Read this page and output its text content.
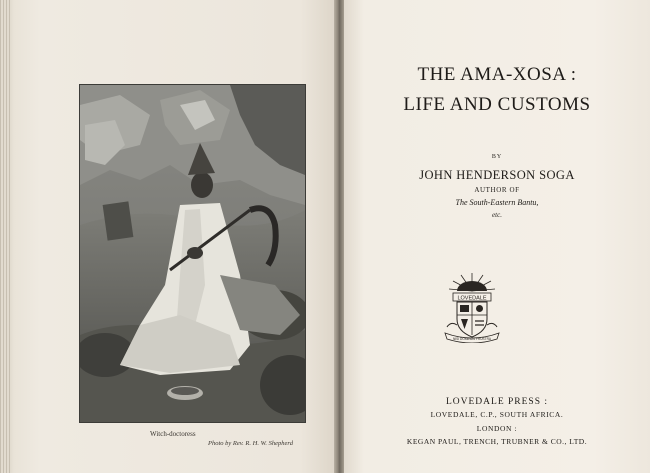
Witch-doctoress
Photo by Rev. R. H. W. Shepherd
THE AMA-XOSA :
LIFE AND CUSTOMS
BY
JOHN HENDERSON SOGA
AUTHOR OF
The South-Eastern Bantu,
etc.
LOVEDALE
NISI DOMINUS FRUSTRA
LOVEDALE PRESS :
LOVEDALE, C.P., SOUTH AFRICA.
LONDON :
KEGAN PAUL, TRENCH, TRUBNER & CO., LTD.
